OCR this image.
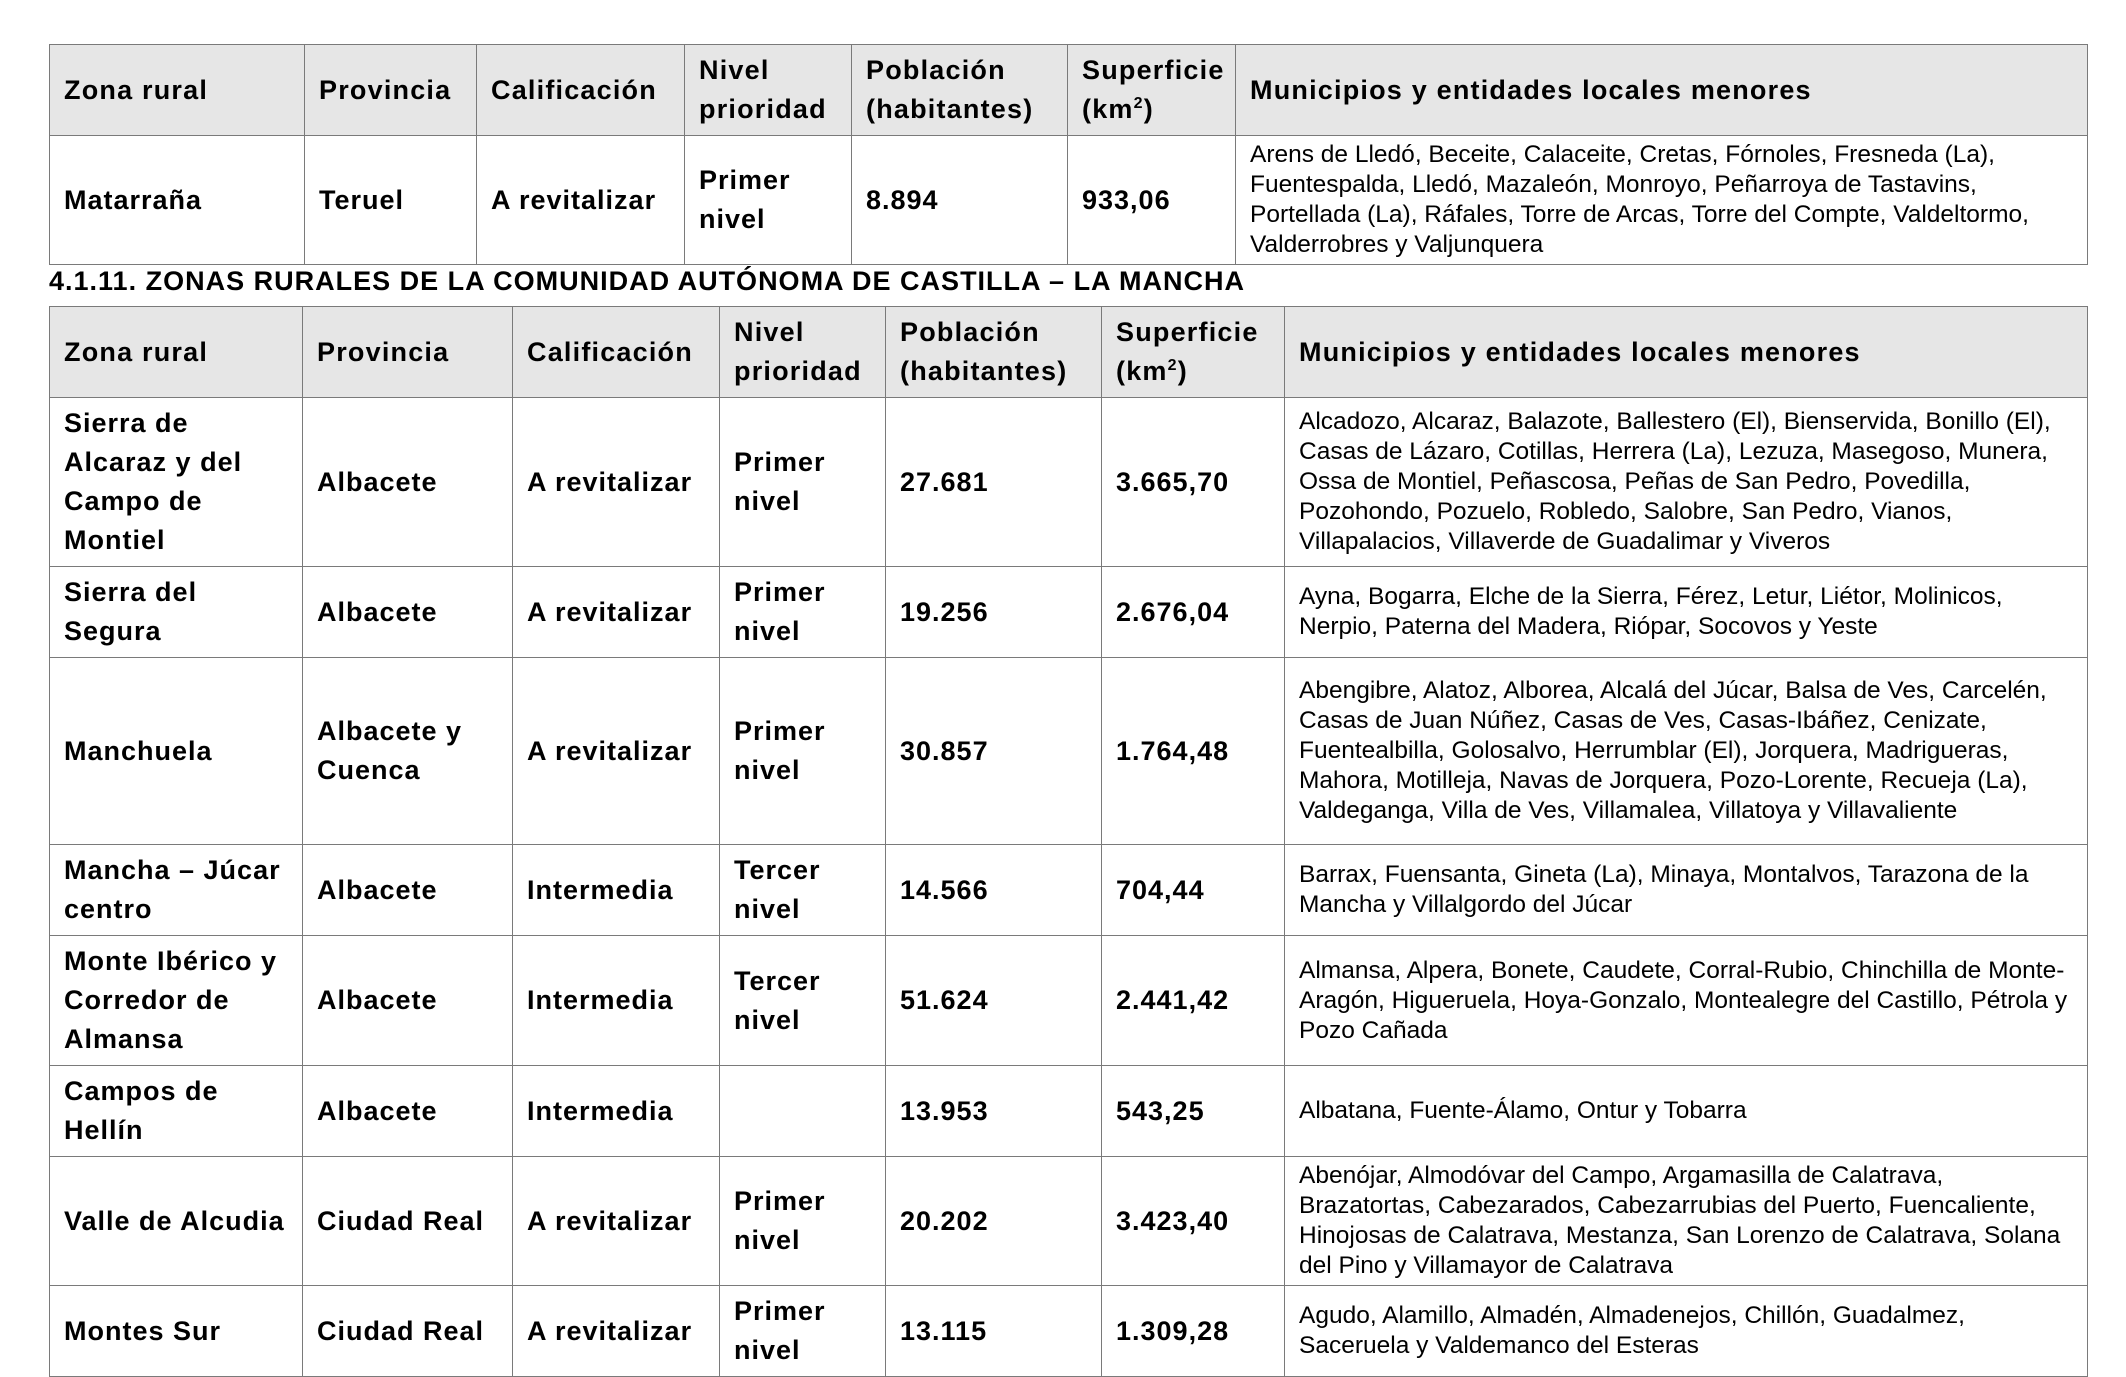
Zona rural	Provincia	Calificación	Nivel prioridad	Población (habitantes)	Superficie $(km^2)$	Municipios y entidades locales menores
Matarraña	Teruel	A revitalizar	Primer nivel	8.894	933,06	Arens de Lledó, Beceite, Calaceite, Cretas, Fórnoles, Fresneda (La), Fuentespalda, Lledó, Mazaleón, Monroyo, Peñarroya de Tastavins, Portellada (La), Ráfales, Torre de Arcas, Torre del Compte, Valdeltormo, Valderrobres y Valjunquera
4.1.11. ZONAS RURALES DE LA COMUNIDAD AUTÓNOMA DE CASTILLA – LA MANCHA
Zona rural	Provincia	Calificación	Nivel prioridad	Población (habitantes)	Superficie $(km^2)$	Municipios y entidades locales menores
Sierra de Alcaraz y del Campo de Montiel	Albacete	A revitalizar	Primer nivel	27.681	3.665,70	Alcadozo, Alcaraz, Balazote, Ballestero (El), Bienservida, Bonillo (El), Casas de Lázaro, Cotillas, Herrera (La), Lezuza, Masegoso, Munera, Ossa de Montiel, Peñascosa, Peñas de San Pedro, Povedilla, Pozohondo, Pozuelo, Robledo, Salobre, San Pedro, Vianos, Villapalacios, Villaverde de Guadalimar y Viveros
Sierra del Segura	Albacete	A revitalizar	Primer nivel	19.256	2.676,04	Ayna, Bogarra, Elche de la Sierra, Férez, Letur, Liétor, Molinicos, Nerpio, Paterna del Madera, Riópar, Socovos y Yeste
Manchuela	Albacete y Cuenca	A revitalizar	Primer nivel	30.857	1.764,48	Abengibre, Alatoz, Alborea, Alcalá del Júcar, Balsa de Ves, Carcelén, Casas de Juan Núñez, Casas de Ves, Casas-Ibáñez, Cenizate, Fuentealbilla, Golosalvo, Herrumblar (El), Jorquera, Madrigueras, Mahora, Motilleja, Navas de Jorquera, Pozo-Lorente, Recueja (La), Valdeganga, Villa de Ves, Villamalea, Villatoya y Villavaliente
Mancha – Júcar centro	Albacete	Intermedia	Tercer nivel	14.566	704,44	Barrax, Fuensanta, Gineta (La), Minaya, Montalvos, Tarazona de la Mancha y Villalgordo del Júcar
Monte Ibérico y Corredor de Almansa	Albacete	Intermedia	Tercer nivel	51.624	2.441,42	Almansa, Alpera, Bonete, Caudete, Corral-Rubio, Chinchilla de Monte-Aragón, Higueruela, Hoya-Gonzalo, Montealegre del Castillo, Pétrola y Pozo Cañada
Campos de Hellín	Albacete	Intermedia		13.953	543,25	Albatana, Fuente-Álamo, Ontur y Tobarra
Valle de Alcudia	Ciudad Real	A revitalizar	Primer nivel	20.202	3.423,40	Abenójar, Almodóvar del Campo, Argamasilla de Calatrava, Brazatortas, Cabezarados, Cabezarrubias del Puerto, Fuencaliente, Hinojosas de Calatrava, Mestanza, San Lorenzo de Calatrava, Solana del Pino y Villamayor de Calatrava
Montes Sur	Ciudad Real	A revitalizar	Primer nivel	13.115	1.309,28	Agudo, Alamillo, Almadén, Almadenejos, Chillón, Guadalmez, Saceruela y Valdemanco del Esteras
